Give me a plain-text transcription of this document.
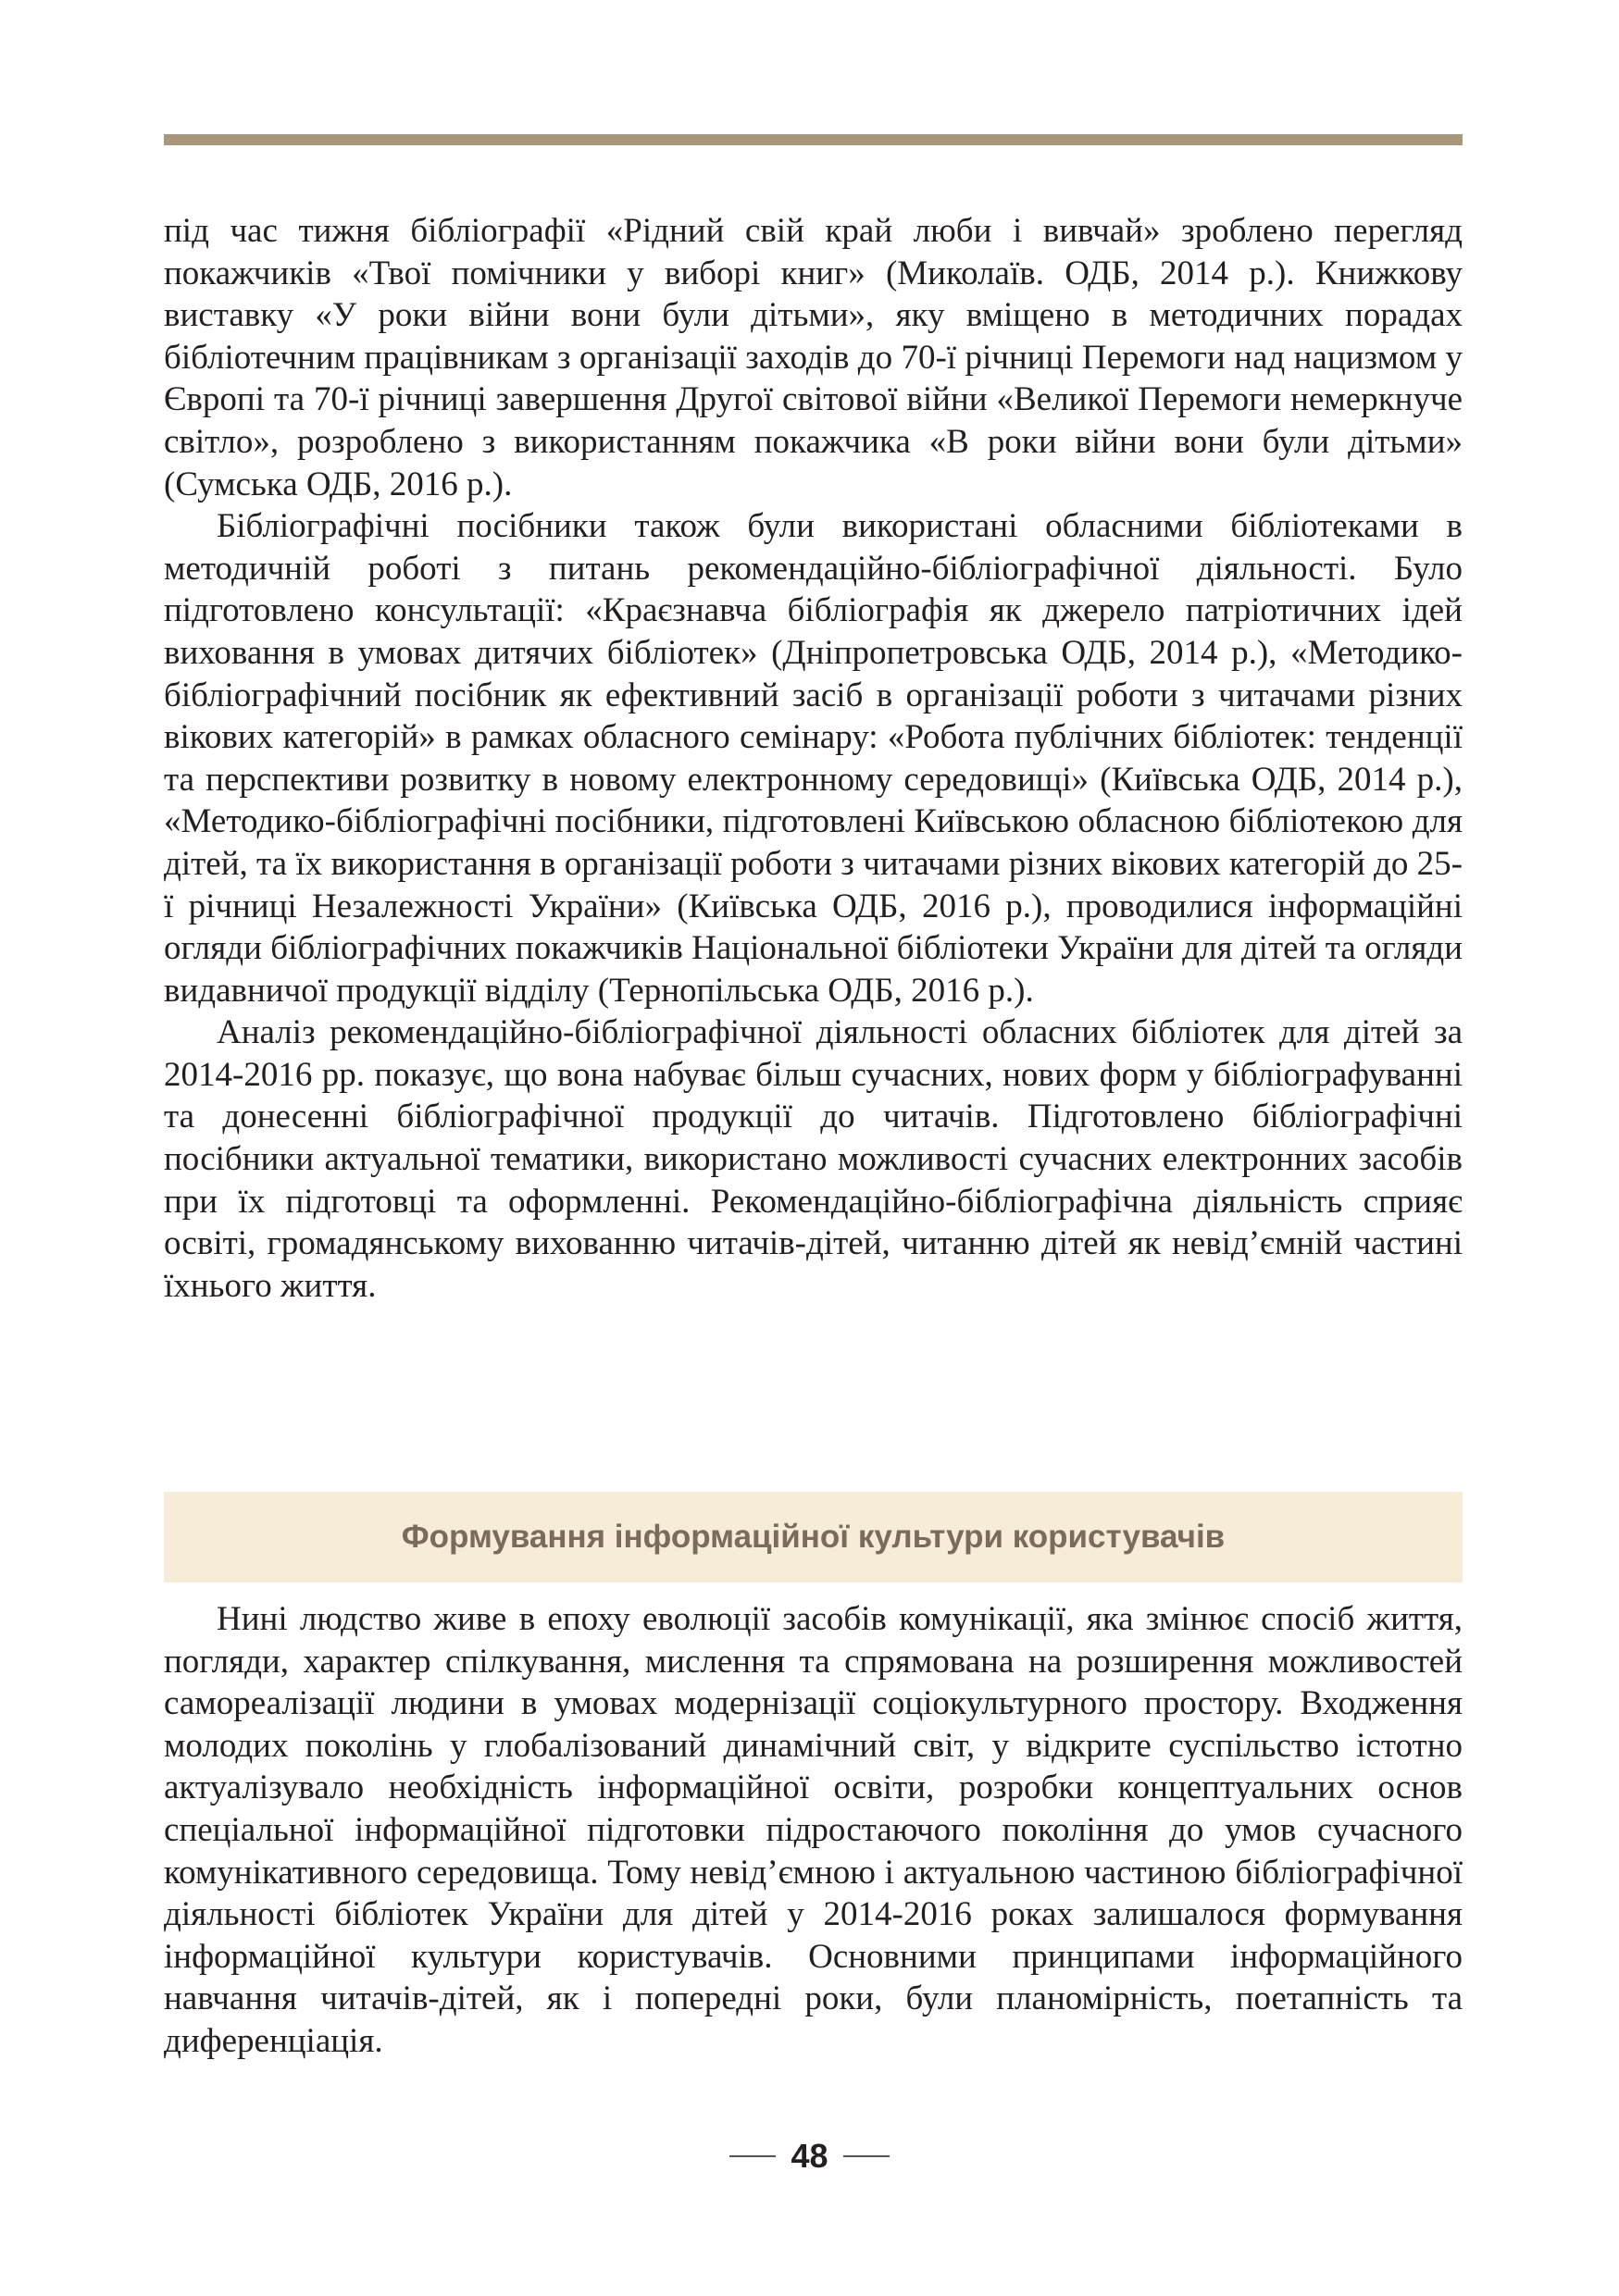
під час тижня бібліографії «Рідний свій край люби і вивчай» зроблено перегляд покажчиків «Твої помічники у виборі книг» (Миколаїв. ОДБ, 2014 р.). Книжкову виставку «У роки війни вони були дітьми», яку вміщено в методичних порадах бібліотечним працівникам з організації заходів до 70-ї річниці Перемоги над нацизмом у Європі та 70-ї річниці завершення Другої світової війни «Великої Перемоги немеркнуче світло», розроблено з використанням покажчика «В роки війни вони були дітьми» (Сумська ОДБ, 2016 р.).

Бібліографічні посібники також були використані обласними бібліотеками в методичній роботі з питань рекомендаційно-бібліографічної діяльності. Було підготовлено консультації: «Краєзнавча бібліографія як джерело патріотичних ідей виховання в умовах дитячих бібліотек» (Дніпропетровська ОДБ, 2014 р.), «Методико-бібліографічний посібник як ефективний засіб в організації роботи з читачами різних вікових категорій» в рамках обласного семінару: «Робота публічних бібліотек: тенденції та перспективи розвитку в новому електронному середовищі» (Київська ОДБ, 2014 р.), «Методико-бібліографічні посібники, підготовлені Київською обласною бібліотекою для дітей, та їх використання в організації роботи з читачами різних вікових категорій до 25-ї річниці Незалежності України» (Київська ОДБ, 2016 р.), проводилися інформаційні огляди бібліографічних покажчиків Національної бібліотеки України для дітей та огляди видавничої продукції відділу (Тернопільська ОДБ, 2016 р.).

Аналіз рекомендаційно-бібліографічної діяльності обласних бібліотек для дітей за 2014-2016 рр. показує, що вона набуває більш сучасних, нових форм у бібліографуванні та донесенні бібліографічної продукції до читачів. Підготовлено бібліографічні посібники актуальної тематики, використано можливості сучасних електронних засобів при їх підготовці та оформленні. Рекомендаційно-бібліографічна діяльність сприяє освіті, громадянському вихованню читачів-дітей, читанню дітей як невід’ємній частині їхнього життя.

Формування інформаційної культури користувачів

Нині людство живе в епоху еволюції засобів комунікації, яка змінює спосіб життя, погляди, характер спілкування, мислення та спрямована на розширення можливостей самореалізації людини в умовах модернізації соціокультурного простору. Входження молодих поколінь у глобалізований динамічний світ, у відкрите суспільство істотно актуалізувало необхідність інформаційної освіти, розробки концептуальних основ спеціальної інформаційної підготовки підростаючого покоління до умов сучасного комунікативного середовища. Тому невід’ємною і актуальною частиною бібліографічної діяльності бібліотек України для дітей у 2014-2016 роках залишалося формування інформаційної культури користувачів. Основними принципами інформаційного навчання читачів-дітей, як і попередні роки, були планомірність, поетапність та диференціація.

48
